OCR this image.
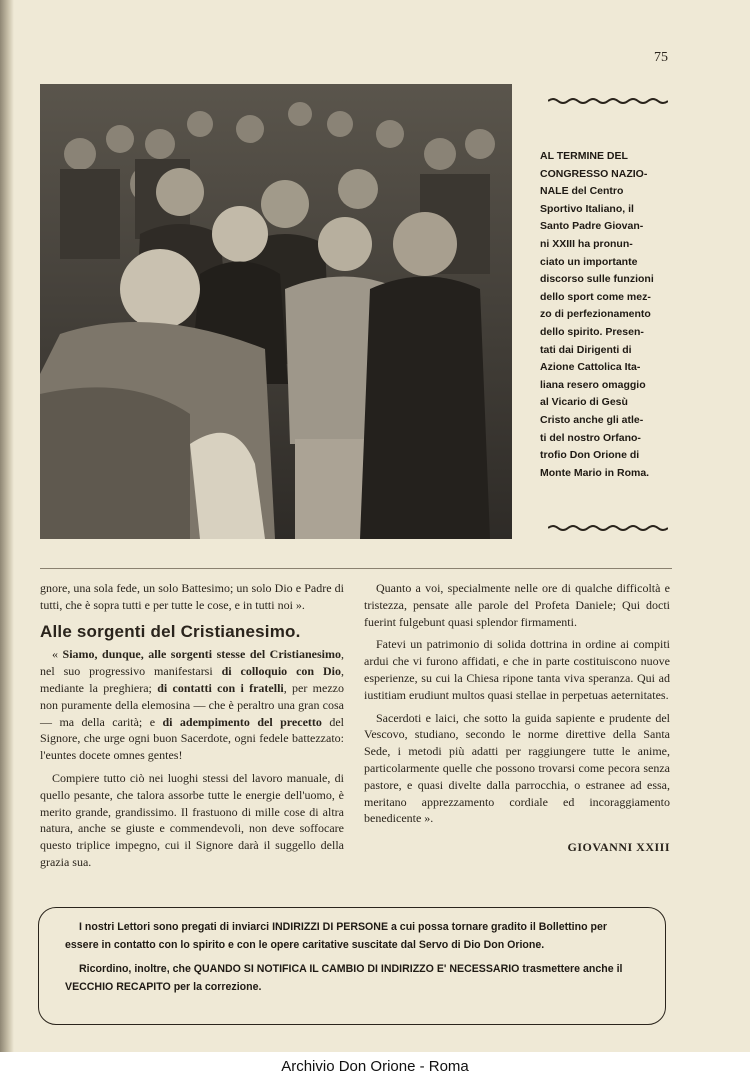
75
AL TERMINE DEL
CONGRESSO NAZIO-
NALE del Centro
Sportivo Italiano, il
Santo Padre Giovan-
ni XXIII ha pronun-
ciato un importante
discorso sulle funzioni
dello sport come mez-
zo di perfezionamento
dello spirito. Presen-
tati dai Dirigenti di
Azione Cattolica Ita-
liana resero omaggio
al Vicario di Gesù
Cristo anche gli atle-
ti del nostro Orfano-
trofio Don Orione di
Monte Mario in Roma.

gnore, una sola fede, un solo Battesimo; un solo Dio e Padre di tutti, che è sopra tutti e per tutte le cose, e in tutti noi ».

Alle sorgenti del Cristianesimo.

« Siamo, dunque, alle sorgenti stesse del Cristianesimo, nel suo progressivo manifestarsi di colloquio con Dio, mediante la preghiera; di contatti con i fratelli, per mezzo non puramente della elemosina — che è peraltro una gran cosa — ma della carità; e di adempimento del precetto del Signore, che urge ogni buon Sacerdote, ogni fedele battezzato: l'euntes docete omnes gentes!

Compiere tutto ciò nei luoghi stessi del lavoro manuale, di quello pesante, che talora assorbe tutte le energie dell'uomo, è merito grande, grandissimo. Il frastuono di mille cose di altra natura, anche se giuste e commendevoli, non deve soffocare questo triplice impegno, cui il Signore darà il suggello della grazia sua.

Quanto a voi, specialmente nelle ore di qualche difficoltà e tristezza, pensate alle parole del Profeta Daniele; Qui docti fuerint fulgebunt quasi splendor firmamenti.

Fatevi un patrimonio di solida dottrina in ordine ai compiti ardui che vi furono affidati, e che in parte costituiscono nuove esperienze, su cui la Chiesa ripone tanta viva speranza. Qui ad iustitiam erudiunt multos quasi stellae in perpetuas aeternitates.

Sacerdoti e laici, che sotto la guida sapiente e prudente del Vescovo, studiano, secondo le norme direttive della Santa Sede, i metodi più adatti per raggiungere tutte le anime, particolarmente quelle che possono trovarsi come pecora senza pastore, e quasi divelte dalla parrocchia, o estranee ad essa, meritano apprezzamento cordiale ed incoraggiamento benedicente ».

GIOVANNI XXIII

I nostri Lettori sono pregati di inviarci INDIRIZZI DI PERSONE a cui possa tornare gradito il Bollettino per essere in contatto con lo spirito e con le opere caritative suscitate dal Servo di Dio Don Orione.

Ricordino, inoltre, che QUANDO SI NOTIFICA IL CAMBIO DI INDIRIZZO E' NECESSARIO trasmettere anche il VECCHIO RECAPITO per la correzione.

Archivio Don Orione - Roma
